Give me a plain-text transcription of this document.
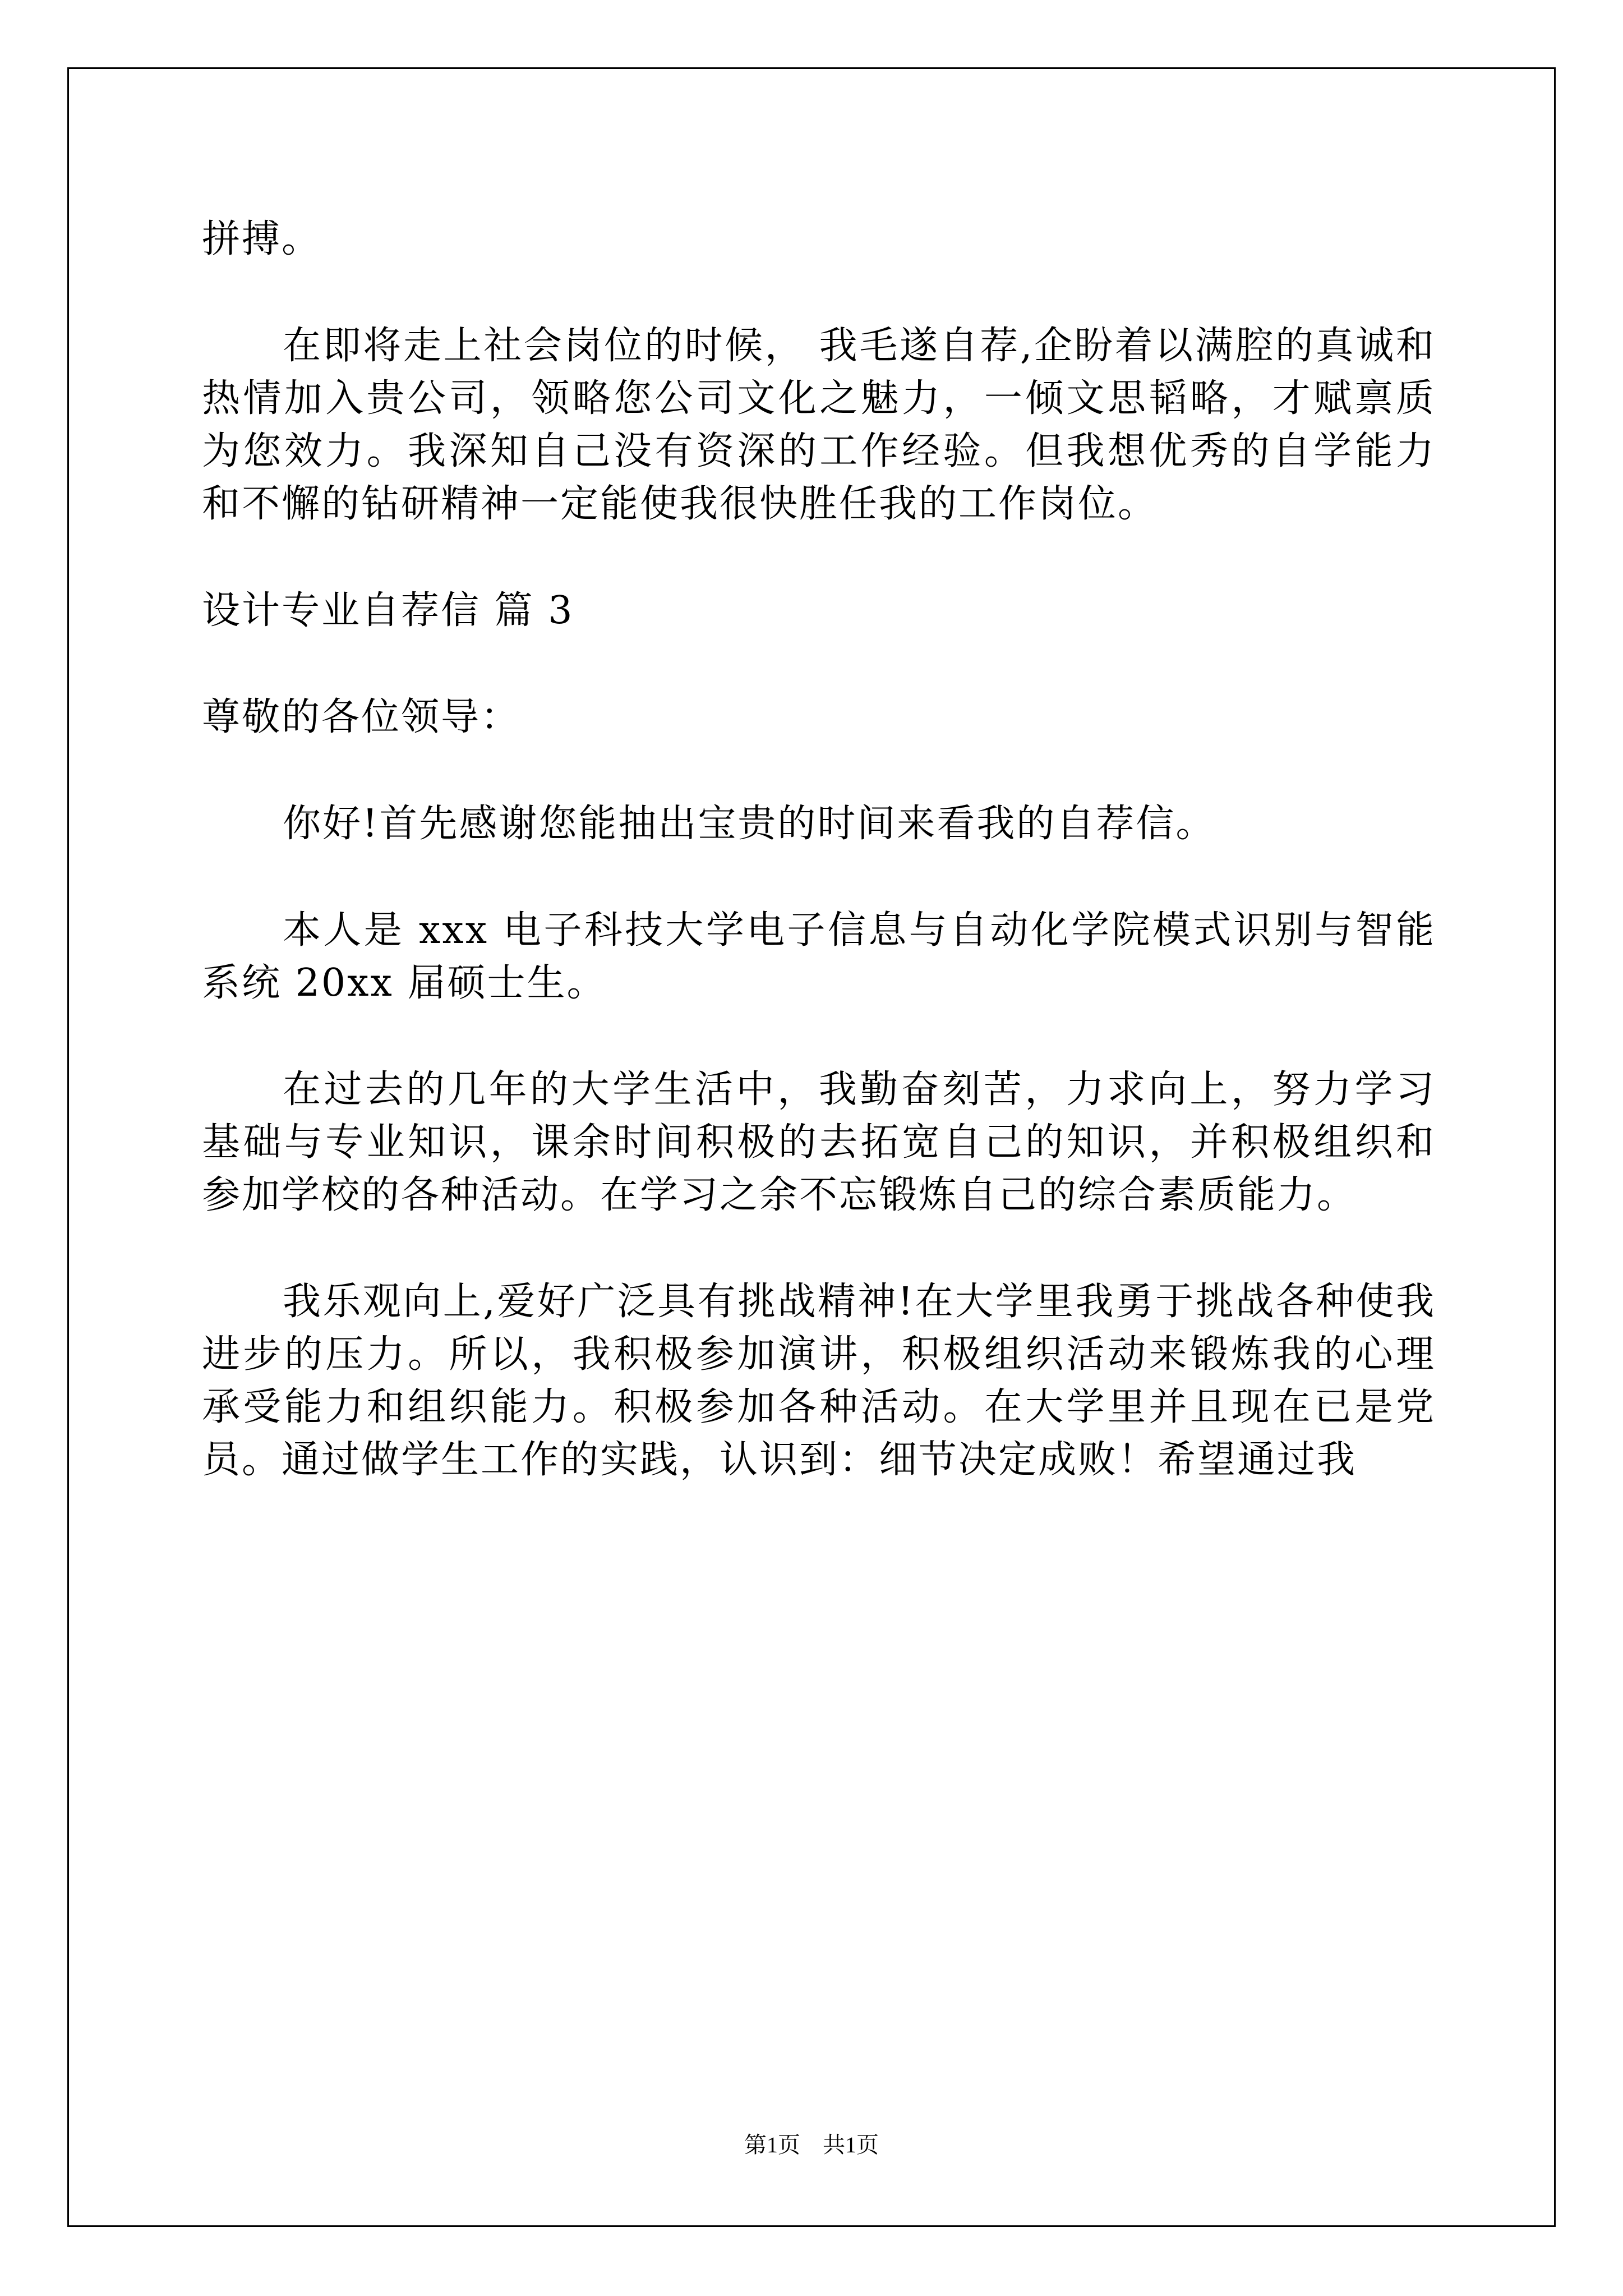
拼搏。

在即将走上社会岗位的时候， 我毛遂自荐,企盼着以满腔的真诚和热情加入贵公司，领略您公司文化之魅力，一倾文思韬略，才赋禀质为您效力。我深知自己没有资深的工作经验。但我想优秀的自学能力和不懈的钻研精神一定能使我很快胜任我的工作岗位。

设计专业自荐信 篇 3

尊敬的各位领导：

你好!首先感谢您能抽出宝贵的时间来看我的自荐信。

本人是 xxx 电子科技大学电子信息与自动化学院模式识别与智能系统 20xx 届硕士生。

在过去的几年的大学生活中，我勤奋刻苦，力求向上，努力学习基础与专业知识，课余时间积极的去拓宽自己的知识，并积极组织和参加学校的各种活动。在学习之余不忘锻炼自己的综合素质能力。

我乐观向上,爱好广泛具有挑战精神!在大学里我勇于挑战各种使我进步的压力。所以，我积极参加演讲，积极组织活动来锻炼我的心理承受能力和组织能力。积极参加各种活动。在大学里并且现在已是党员。通过做学生工作的实践，认识到：细节决定成败！希望通过我

第1页　共1页
